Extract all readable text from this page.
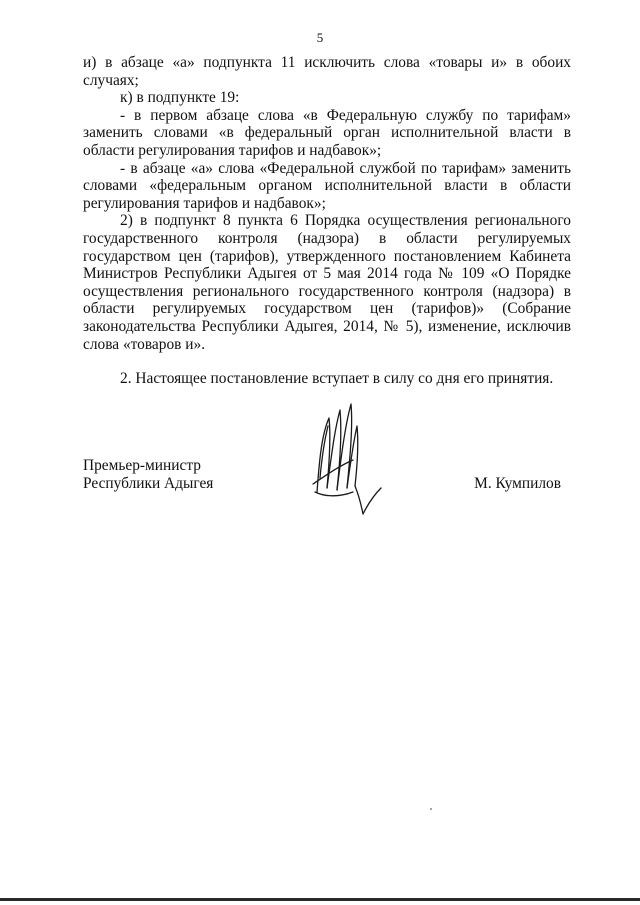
5

и) в абзаце «а» подпункта 11 исключить слова «товары и» в обоих случаях;

к) в подпункте 19:

- в первом абзаце слова «в Федеральную службу по тарифам» заменить словами «в федеральный орган исполнительной власти в области регулирования тарифов и надбавок»;

- в абзаце «а» слова «Федеральной службой по тарифам» заменить словами «федеральным органом исполнительной власти в области регулирования тарифов и надбавок»;

2) в подпункт 8 пункта 6 Порядка осуществления регионального государственного контроля (надзора) в области регулируемых государством цен (тарифов), утвержденного постановлением Кабинета Министров Республики Адыгея от 5 мая 2014 года № 109 «О Порядке осуществления регионального государственного контроля (надзора) в области регулируемых государством цен (тарифов)» (Собрание законодательства Республики Адыгея, 2014, № 5), изменение, исключив слова «товаров и».

2. Настоящее постановление вступает в силу со дня его принятия.

Премьер-министр
Республики Адыгея	М. Кумпилов
